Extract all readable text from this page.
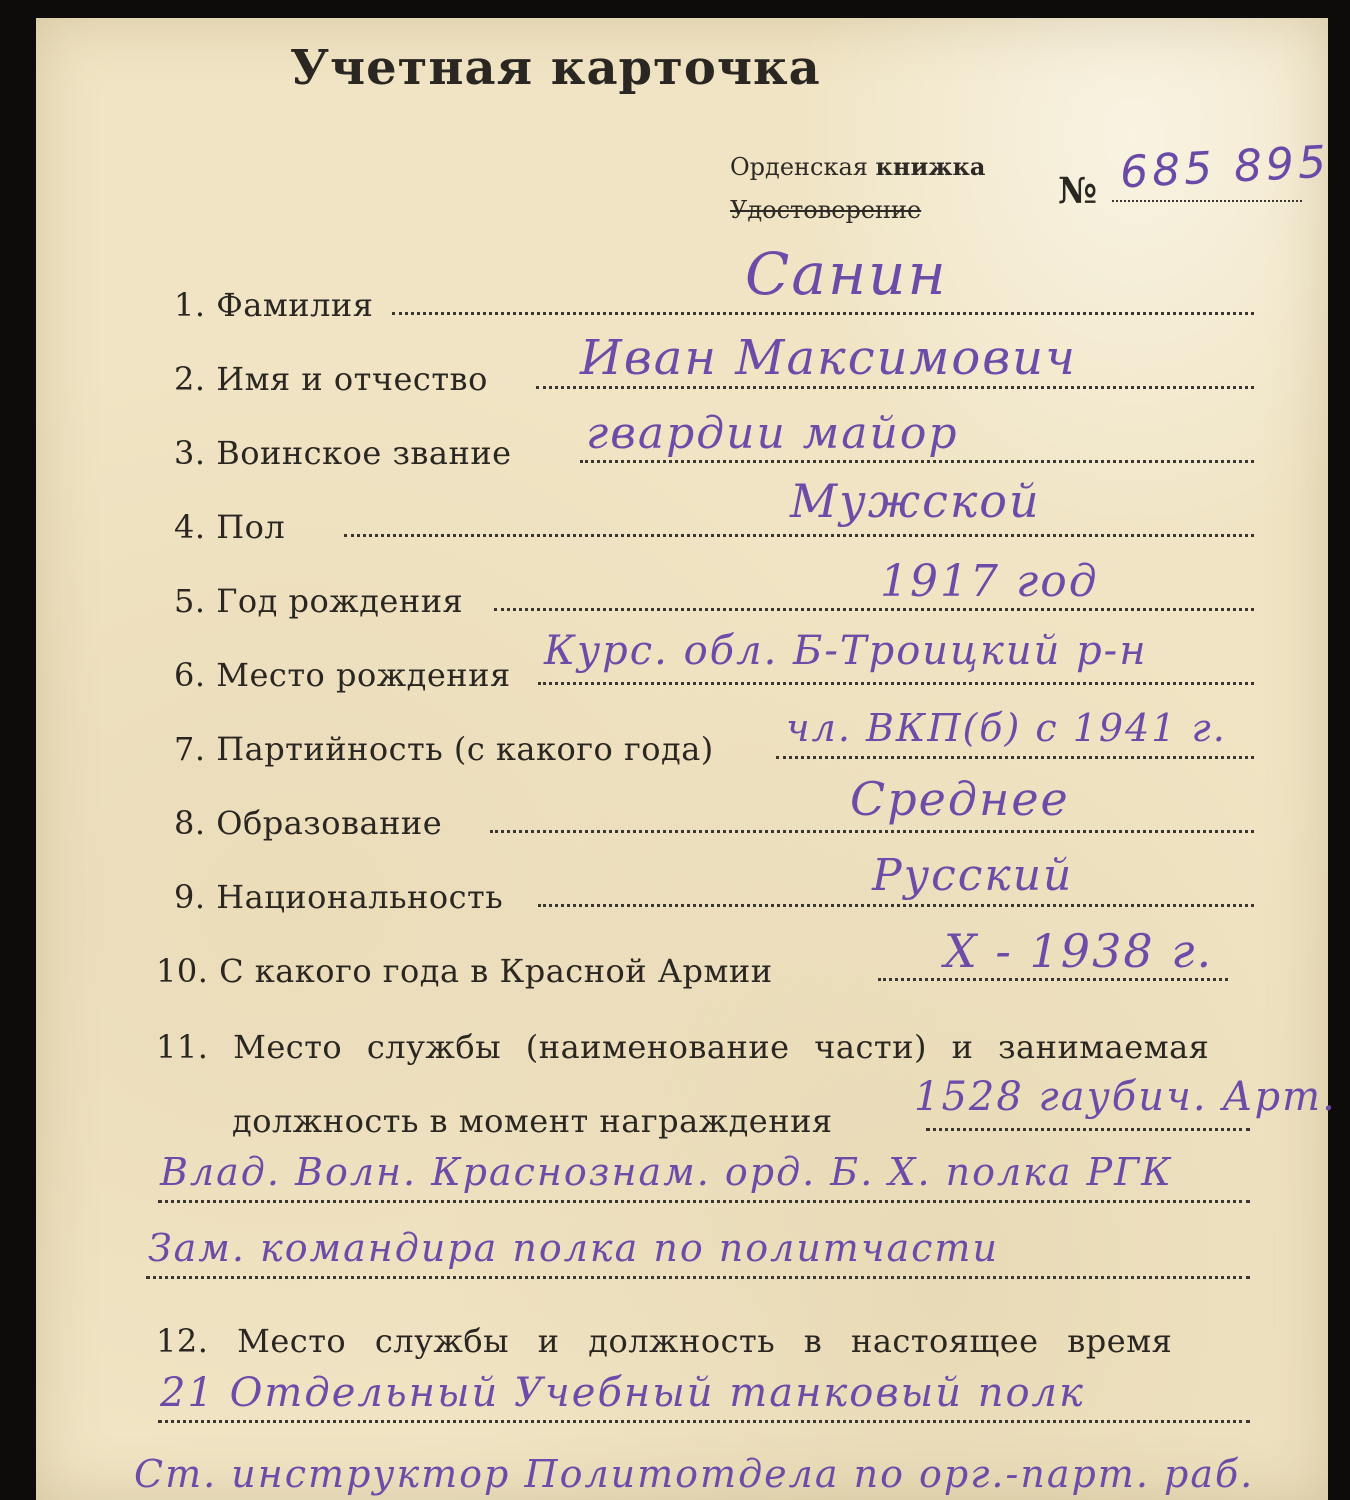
Учетная карточка
Орденская книжка
Удостоверение	№ 685 895
1. Фамилия	Санин
2. Имя и отчество Иван Максимович
3. Воинское звание гвардии майор
4. Пол	Мужской
5. Год рождения	1917 год
6. Место рождения
Курс. обл. Б-Троицкий р-н
7. Партийность (с какого года) чл. ВКП(б) с 1941 г.
8. Образование	Среднее
9. Национальность	Русский
10. С какого года в Красной Армии	X - 1938 г.
11. Место службы (наименование части) и занимаемая
должность в момент награждения
1528 гаубич. Арт.
Влад. Волн. Краснознам. орд. Б. Х. полка РГК
Зам. командира полка по политчасти
12. Место службы и должность в настоящее время
21 Отдельный Учебный танковый полк
Ст. инструктор Политотдела по орг.-парт. раб.
